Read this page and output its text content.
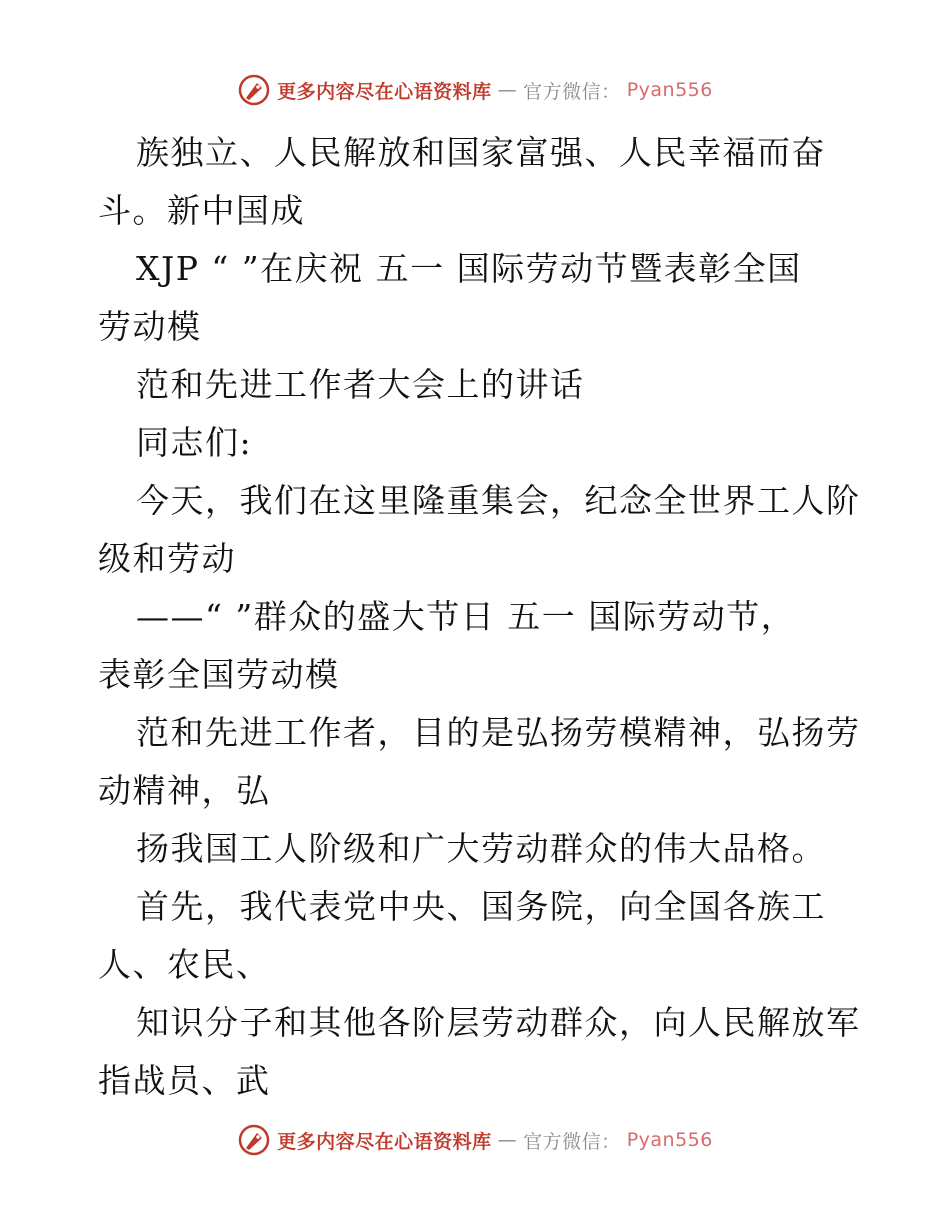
更多内容尽在心语资料库 — 官方微信： Pyan556
族独立、人民解放和国家富强、人民幸福而奋
斗。新中国成
XJP “ ”在庆祝 五一 国际劳动节暨表彰全国
劳动模
范和先进工作者大会上的讲话
同志们:
今天，我们在这里隆重集会，纪念全世界工人阶
级和劳动
——“ ”群众的盛大节日 五一 国际劳动节，
表彰全国劳动模
范和先进工作者，目的是弘扬劳模精神，弘扬劳
动精神，弘
扬我国工人阶级和广大劳动群众的伟大品格。
首先，我代表党中央、国务院，向全国各族工
人、农民、
知识分子和其他各阶层劳动群众，向人民解放军
指战员、武
更多内容尽在心语资料库 — 官方微信： Pyan556
